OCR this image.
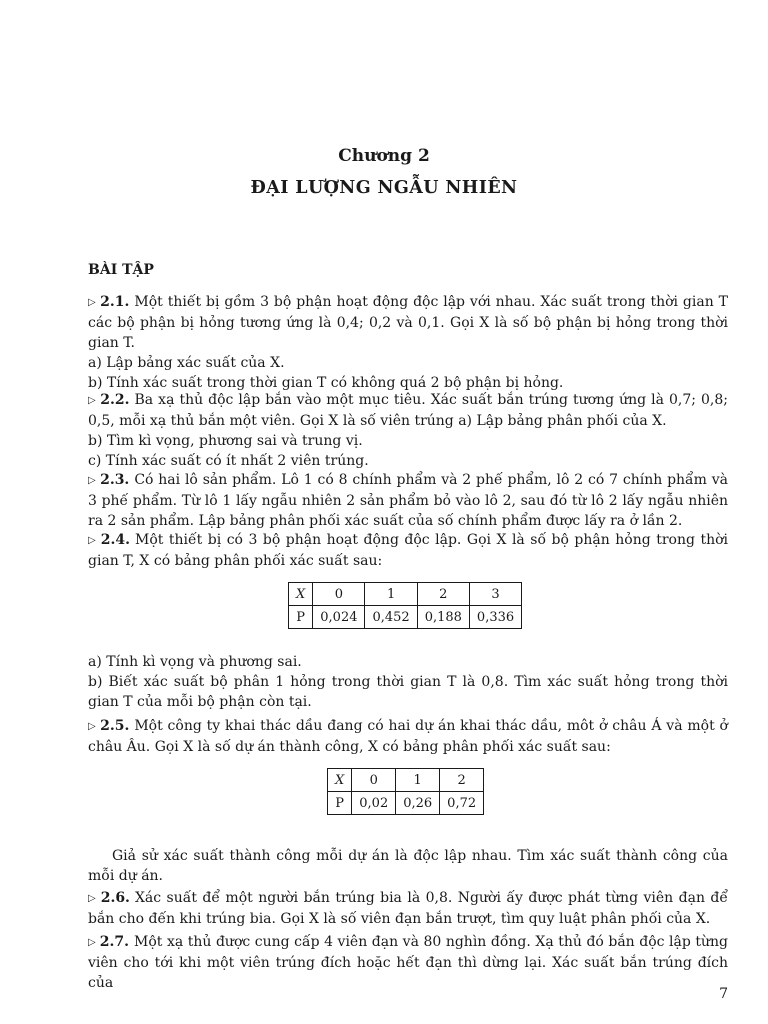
Chương 2
ĐẠI LƯỢNG NGẪU NHIÊN
BÀI TẬP
▷ 2.1. Một thiết bị gồm 3 bộ phận hoạt động độc lập với nhau. Xác suất trong thời gian T các bộ phận bị hỏng tương ứng là 0,4; 0,2 và 0,1. Gọi X là số bộ phận bị hỏng trong thời gian T.
a) Lập bảng xác suất của X.
b) Tính xác suất trong thời gian T có không quá 2 bộ phận bị hỏng.
▷ 2.2. Ba xạ thủ độc lập bắn vào một mục tiêu. Xác suất bắn trúng tương ứng là 0,7; 0,8; 0,5, mỗi xạ thủ bắn một viên. Gọi X là số viên trúng a) Lập bảng phân phối của X.
b) Tìm kì vọng, phương sai và trung vị.
c) Tính xác suất có ít nhất 2 viên trúng.
▷ 2.3. Có hai lô sản phẩm. Lô 1 có 8 chính phẩm và 2 phế phẩm, lô 2 có 7 chính phẩm và 3 phế phẩm. Từ lô 1 lấy ngẫu nhiên 2 sản phẩm bỏ vào lô 2, sau đó từ lô 2 lấy ngẫu nhiên ra 2 sản phẩm. Lập bảng phân phối xác suất của số chính phẩm được lấy ra ở lần 2.
▷ 2.4. Một thiết bị có 3 bộ phận hoạt động độc lập. Gọi X là số bộ phận hỏng trong thời gian T, X có bảng phân phối xác suất sau:
X	0	1	2	3
P	0,024	0,452	0,188	0,336
a) Tính kì vọng và phương sai.
b) Biết xác suất bộ phân 1 hỏng trong thời gian T là 0,8. Tìm xác suất hỏng trong thời gian T của mỗi bộ phận còn tại.
▷ 2.5. Một công ty khai thác dầu đang có hai dự án khai thác dầu, môt ở châu Á và một ở châu Âu. Gọi X là số dự án thành công, X có bảng phân phối xác suất sau:
X	0	1	2
P	0,02	0,26	0,72
Giả sử xác suất thành công mỗi dự án là độc lập nhau. Tìm xác suất thành công của mỗi dự án.
▷ 2.6. Xác suất để một người bắn trúng bia là 0,8. Người ấy được phát từng viên đạn để bắn cho đến khi trúng bia. Gọi X là số viên đạn bắn trượt, tìm quy luật phân phối của X.
▷ 2.7. Một xạ thủ được cung cấp 4 viên đạn và 80 nghìn đồng. Xạ thủ đó bắn độc lập từng viên cho tới khi một viên trúng đích hoặc hết đạn thì dừng lại. Xác suất bắn trúng đích của
7
